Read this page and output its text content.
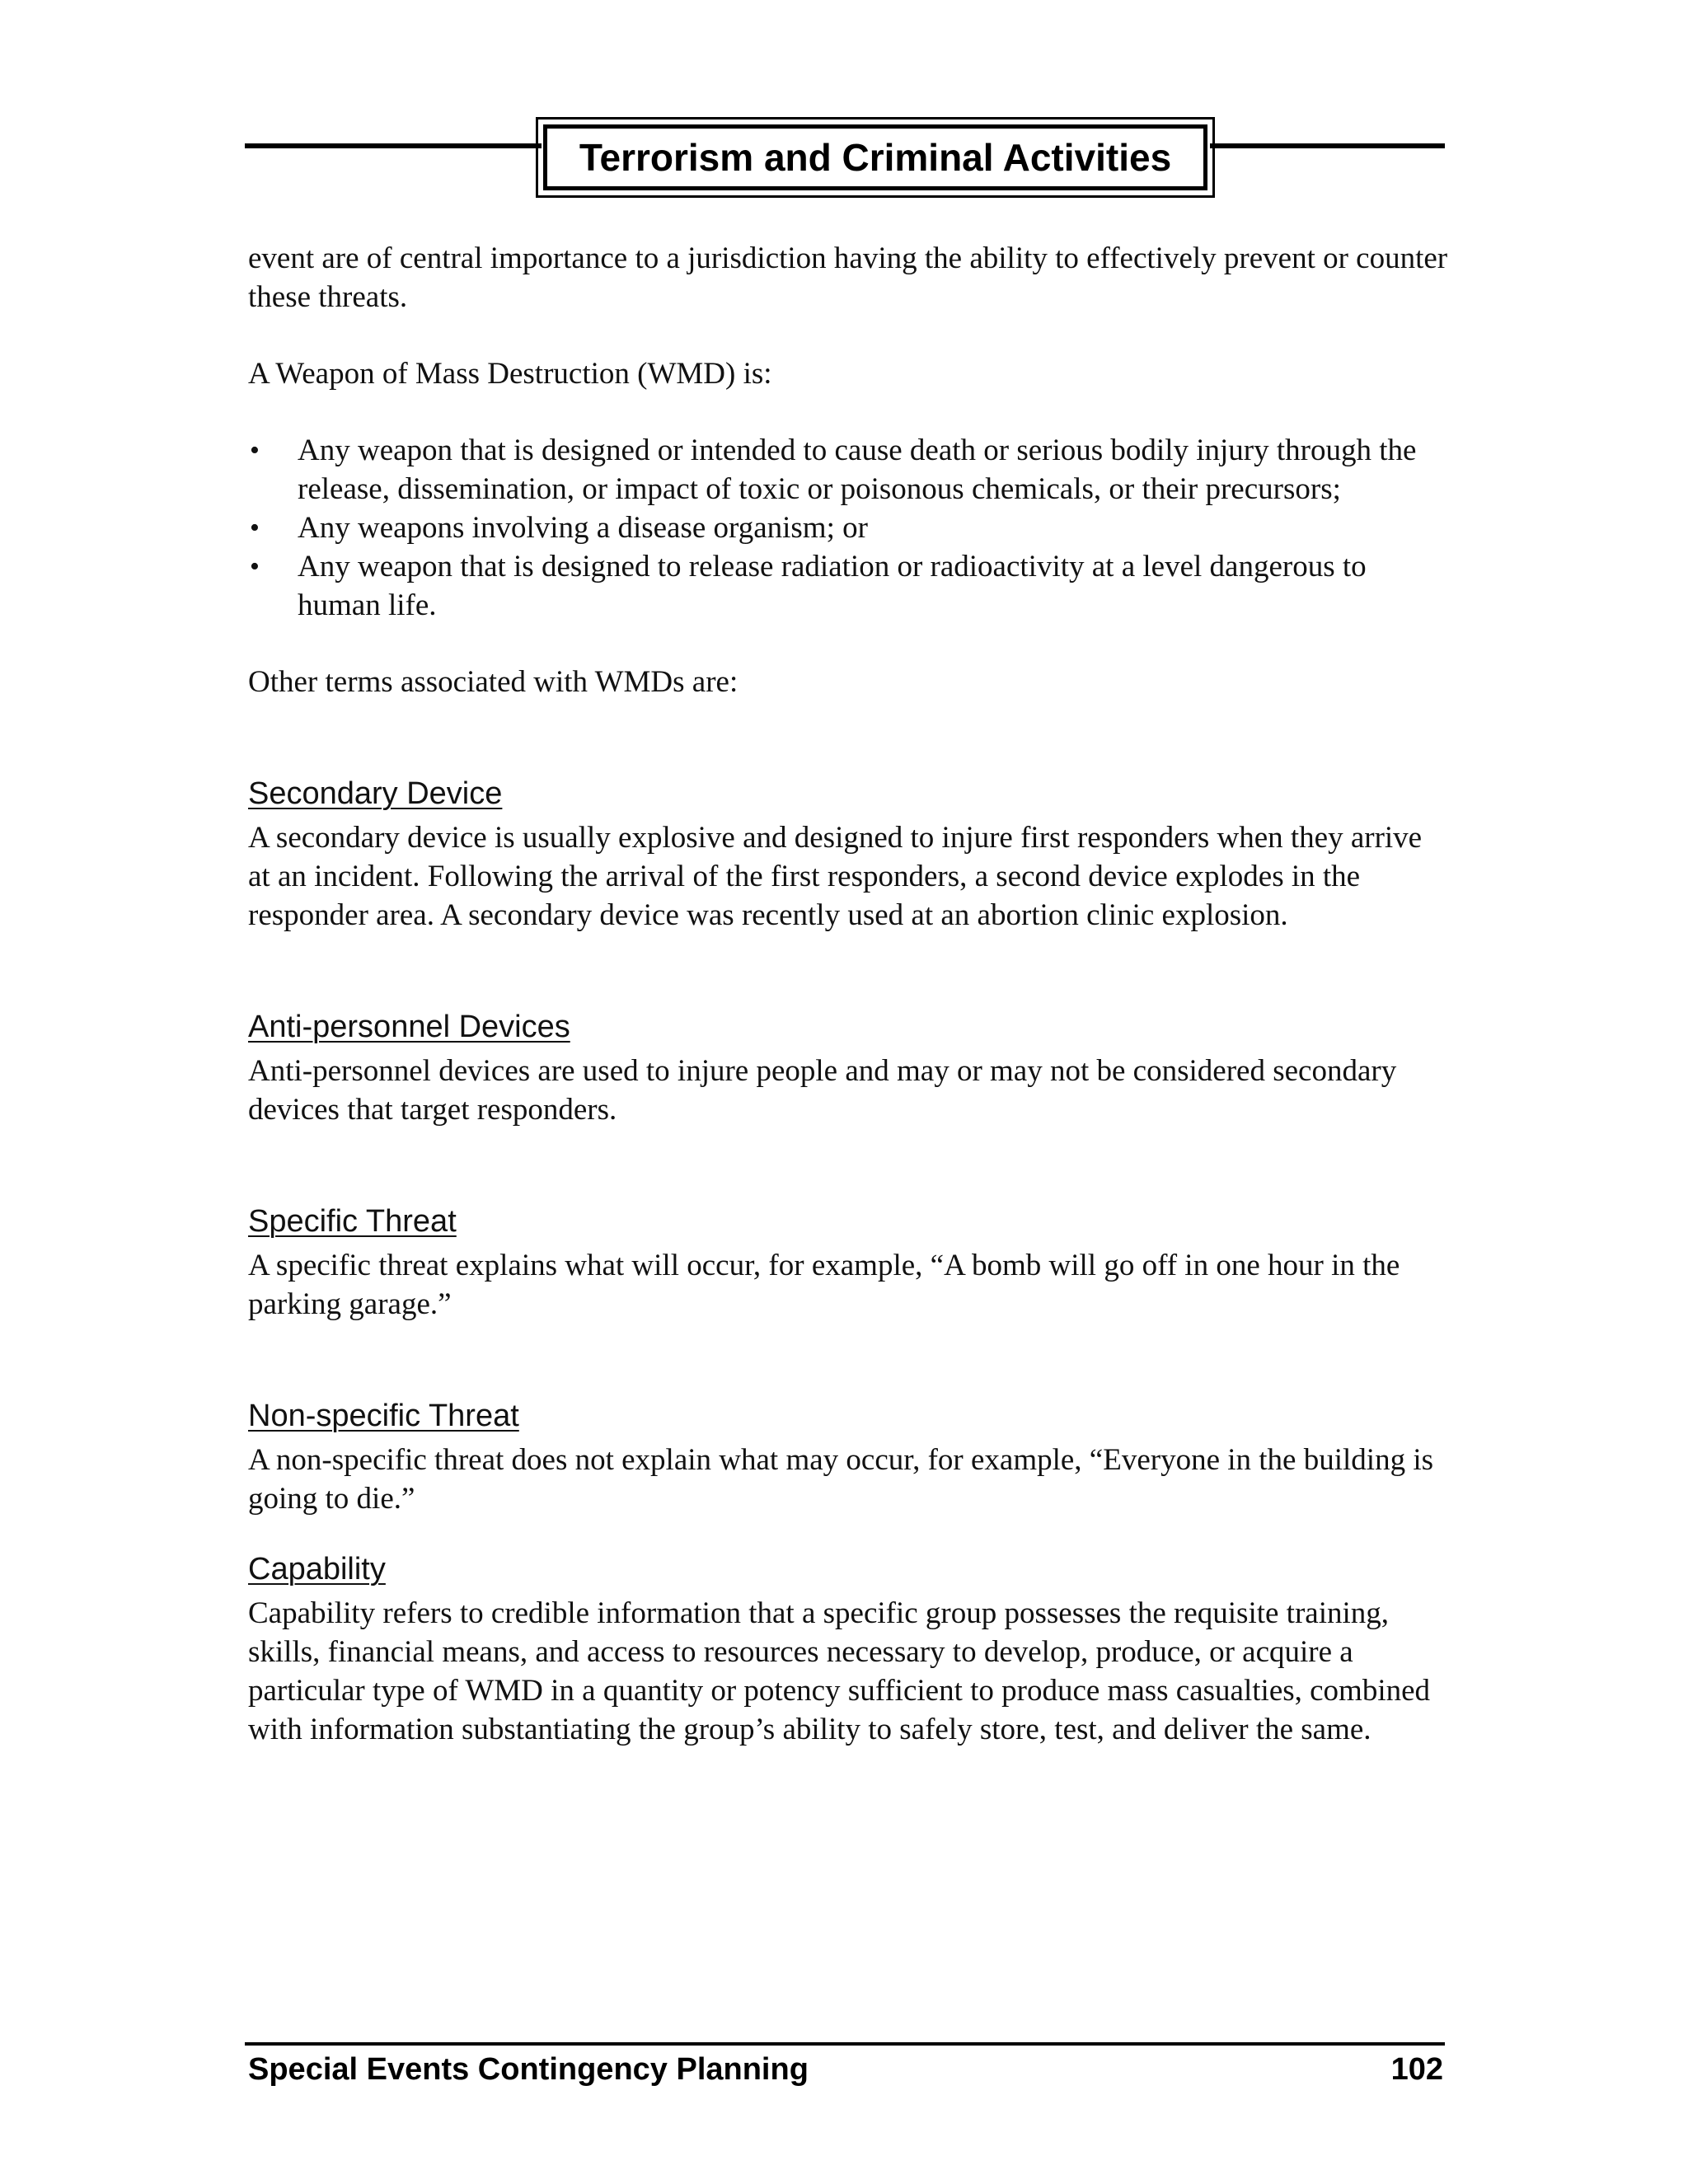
Terrorism and Criminal Activities

event are of central importance to a jurisdiction having the ability to effectively prevent or counter these threats.

A Weapon of Mass Destruction (WMD) is:

• Any weapon that is designed or intended to cause death or serious bodily injury through the release, dissemination, or impact of toxic or poisonous chemicals, or their precursors;
• Any weapons involving a disease organism; or
• Any weapon that is designed to release radiation or radioactivity at a level dangerous to human life.

Other terms associated with WMDs are:

Secondary Device

A secondary device is usually explosive and designed to injure first responders when they arrive at an incident. Following the arrival of the first responders, a second device explodes in the responder area. A secondary device was recently used at an abortion clinic explosion.

Anti-personnel Devices

Anti-personnel devices are used to injure people and may or may not be considered secondary devices that target responders.

Specific Threat

A specific threat explains what will occur, for example, “A bomb will go off in one hour in the parking garage.”

Non-specific Threat

A non-specific threat does not explain what may occur, for example, “Everyone in the building is going to die.”

Capability

Capability refers to credible information that a specific group possesses the requisite training, skills, financial means, and access to resources necessary to develop, produce, or acquire a particular type of WMD in a quantity or potency sufficient to produce mass casualties, combined with information substantiating the group’s ability to safely store, test, and deliver the same.

Special Events Contingency Planning	102
